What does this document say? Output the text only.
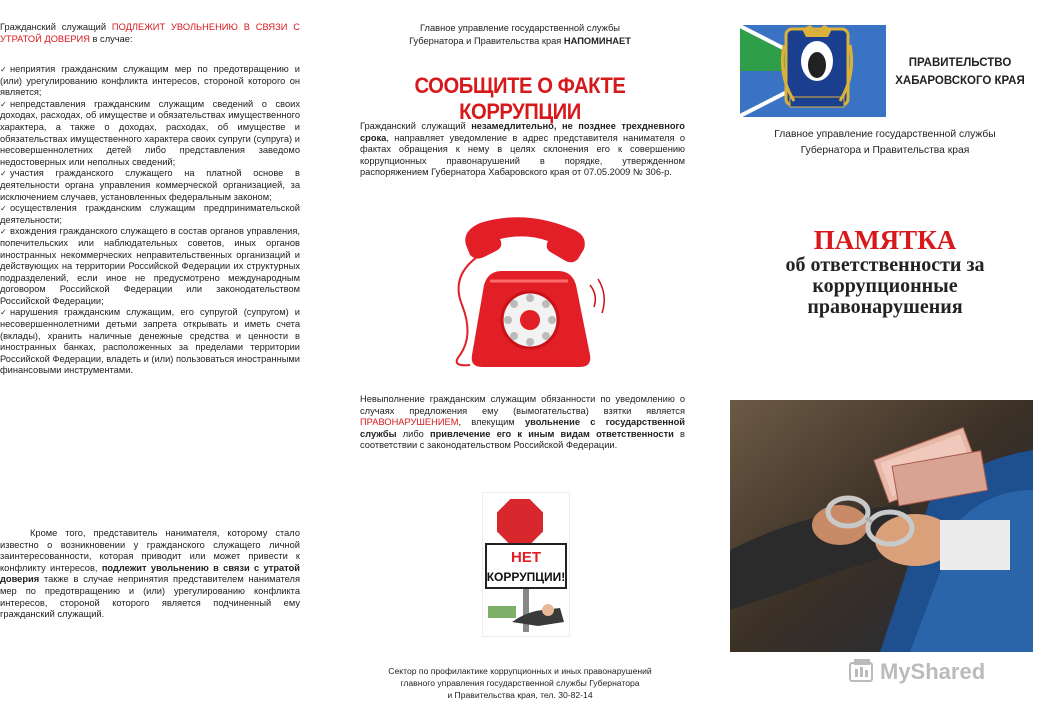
Гражданский служащий ПОДЛЕЖИТ УВОЛЬНЕНИЮ В СВЯЗИ С УТРАТОЙ ДОВЕРИЯ в случае:
✓ неприятия гражданским служащим мер по предотвращению и (или) урегулированию конфликта интересов, стороной которого он является;
✓ непредставления гражданским служащим сведений о своих доходах, расходах, об имуществе и обязательствах имущественного характера, а также о доходах, расходах, об имуществе и обязательствах имущественного характера своих супруги (супруга) и несовершеннолетних детей либо представления заведомо недостоверных или неполных сведений;
✓ участия гражданского служащего на платной основе в деятельности органа управления коммерческой организацией, за исключением случаев, установленных федеральным законом;
✓ осуществления гражданским служащим предпринимательской деятельности;
✓ вхождения гражданского служащего в состав органов управления, попечительских или наблюдательных советов, иных органов иностранных некоммерческих неправительственных организаций и действующих на территории Российской Федерации их структурных подразделений, если иное не предусмотрено международным договором Российской Федерации или законодательством Российской Федерации;
✓ нарушения гражданским служащим, его супругой (супругом) и несовершеннолетними детьми запрета открывать и иметь счета (вклады), хранить наличные денежные средства и ценности в иностранных банках, расположенных за пределами территории Российской Федерации, владеть и (или) пользоваться иностранными финансовыми инструментами.
Кроме того, представитель нанимателя, которому стало известно о возникновении у гражданского служащего личной заинтересованности, которая приводит или может привести к конфликту интересов, подлежит увольнению в связи с утратой доверия также в случае непринятия представителем нанимателя мер по предотвращению и (или) урегулированию конфликта интересов, стороной которого является подчиненный ему гражданский служащий.
Главное управление государственной службы
Губернатора и Правительства края НАПОМИНАЕТ
СООБЩИТЕ О ФАКТЕ КОРРУПЦИИ
Гражданский служащий незамедлительно, не позднее трехдневного срока, направляет уведомление в адрес представителя нанимателя о фактах обращения к нему в целях склонения его к совершению коррупционных правонарушений в порядке, утвержденном распоряжением Губернатора Хабаровского края от 07.05.2009 № 306-р.
Невыполнение гражданским служащим обязанности по уведомлению о случаях предложения ему (вымогательства) взятки является ПРАВОНАРУШЕНИЕМ, влекущим увольнение с государственной службы либо привлечение его к иным видам ответственности в соответствии с законодательством Российской Федерации.
НЕТ
КОРРУПЦИИ!
Сектор по профилактике коррупционных и иных правонарушений
главного управления государственной службы Губернатора
и Правительства края, тел. 30-82-14
ПРАВИТЕЛЬСТВО
ХАБАРОВСКОГО КРАЯ
Главное управление государственной службы
Губернатора и Правительства края
ПАМЯТКА
об ответственности за
коррупционные
правонарушения
MyShared
